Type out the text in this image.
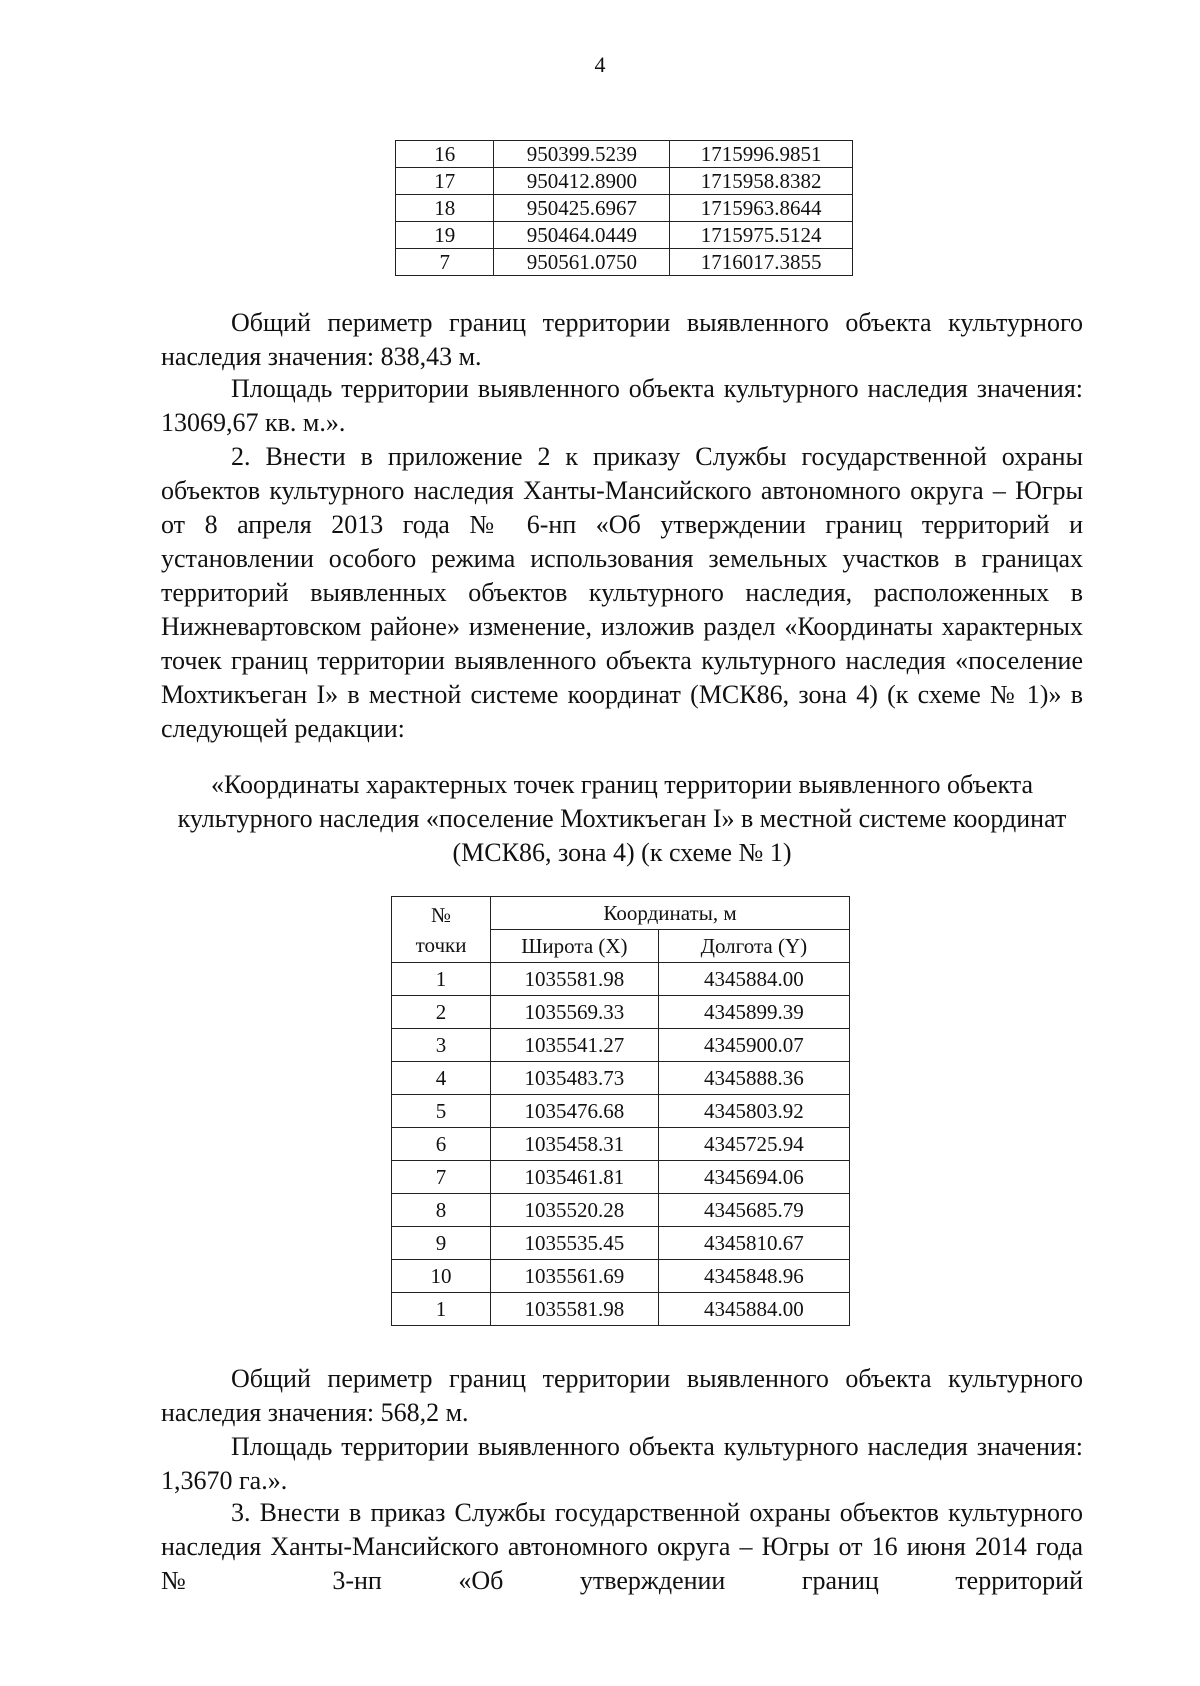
4
16	950399.5239	1715996.9851
17	950412.8900	1715958.8382
18	950425.6967	1715963.8644
19	950464.0449	1715975.5124
7	950561.0750	1716017.3855
Общий периметр границ территории выявленного объекта культурного наследия значения: 838,43 м.
Площадь территории выявленного объекта культурного наследия значения: 13069,67 кв. м.».
2. Внести в приложение 2 к приказу Службы государственной охраны объектов культурного наследия Ханты-Мансийского автономного округа – Югры от 8 апреля 2013 года № 6-нп «Об утверждении границ территорий и установлении особого режима использования земельных участков в границах территорий выявленных объектов культурного наследия, расположенных в Нижневартовском районе» изменение, изложив раздел «Координаты характерных точек границ территории выявленного объекта культурного наследия «поселение Мохтикъеган I» в местной системе координат (МСК86, зона 4) (к схеме № 1)» в следующей редакции:
«Координаты характерных точек границ территории выявленного объекта культурного наследия «поселение Мохтикъеган I» в местной системе координат (МСК86, зона 4) (к схеме № 1)
№
точки	Координаты, м	
	Широта (X)	Долгота (Y)
1	1035581.98	4345884.00
2	1035569.33	4345899.39
3	1035541.27	4345900.07
4	1035483.73	4345888.36
5	1035476.68	4345803.92
6	1035458.31	4345725.94
7	1035461.81	4345694.06
8	1035520.28	4345685.79
9	1035535.45	4345810.67
10	1035561.69	4345848.96
1	1035581.98	4345884.00
Общий периметр границ территории выявленного объекта культурного наследия значения: 568,2 м.
Площадь территории выявленного объекта культурного наследия значения: 1,3670 га.».
3. Внести в приказ Службы государственной охраны объектов культурного наследия Ханты-Мансийского автономного округа – Югры от 16 июня 2014 года № 3-нп «Об утверждении границ территорий
